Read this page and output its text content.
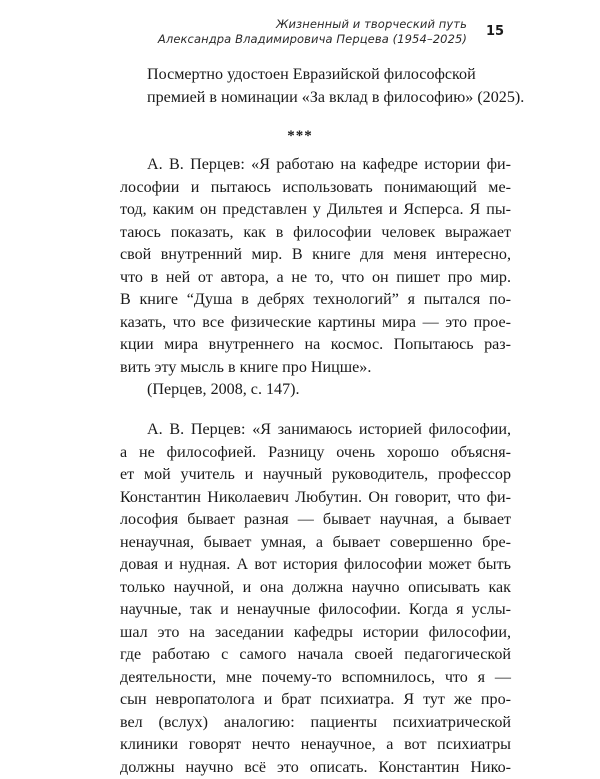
Жизненный и творческий путь
Александра Владимировича Перцева (1954–2025) 15
Посмертно удостоен Евразийской философской
премией в номинации «За вклад в философию» (2025).
***
А. В. Перцев: «Я работаю на кафедре истории фи-
лософии и пытаюсь использовать понимающий ме-
тод, каким он представлен у Дильтея и Ясперса. Я пы-
таюсь показать, как в философии человек выражает
свой внутренний мир. В книге для меня интересно,
что в ней от автора, а не то, что он пишет про мир.
В книге “Душа в дебрях технологий” я пытался по-
казать, что все физические картины мира — это прое-
кции мира внутреннего на космос. Попытаюсь раз-
вить эту мысль в книге про Ницше».
(Перцев, 2008, с. 147).
А. В. Перцев: «Я занимаюсь историей философии,
а не философией. Разницу очень хорошо объясня-
ет мой учитель и научный руководитель, профессор
Константин Николаевич Любутин. Он говорит, что фи-
лософия бывает разная — бывает научная, а бывает
ненаучная, бывает умная, а бывает совершенно бре-
довая и нудная. А вот история философии может быть
только научной, и она должна научно описывать как
научные, так и ненаучные философии. Когда я услы-
шал это на заседании кафедры истории философии,
где работаю с самого начала своей педагогической
деятельности, мне почему-то вспомнилось, что я —
сын невропатолога и брат психиатра. Я тут же про-
вел (вслух) аналогию: пациенты психиатрической
клиники говорят нечто ненаучное, а вот психиатры
должны научно всё это описать. Константин Нико-
